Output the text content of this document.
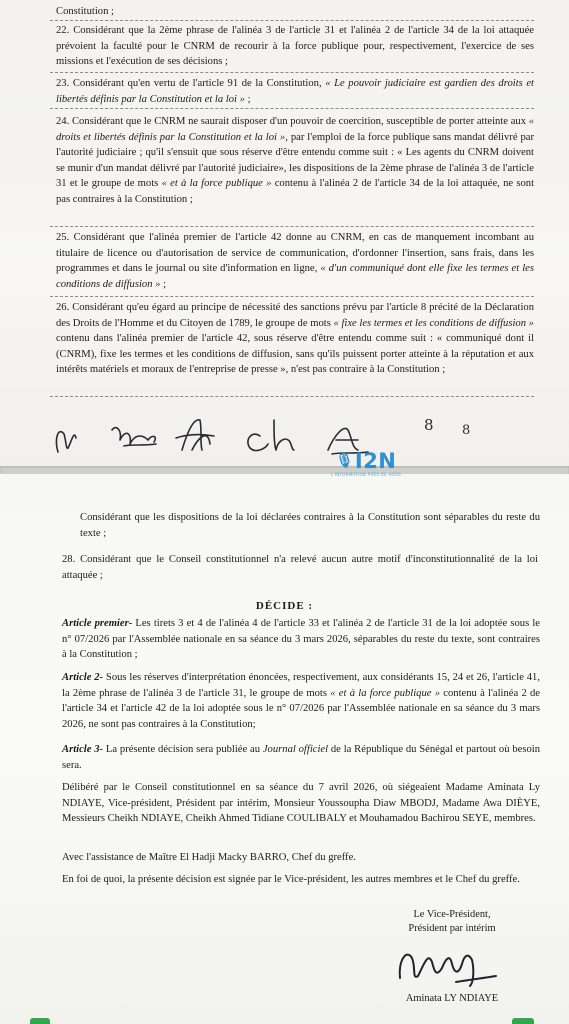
Constitution ;

22. Considérant que la 2ème phrase de l'alinéa 3 de l'article 31 et l'alinéa 2 de l'article 34 de la loi attaquée prévoient la faculté pour le CNRM de recourir à la force publique pour, respectivement, l'exercice de ses missions et l'exécution de ses décisions ;

23. Considérant qu'en vertu de l'article 91 de la Constitution, « Le pouvoir judiciaire est gardien des droits et libertés définis par la Constitution et la loi » ;

24. Considérant que le CNRM ne saurait disposer d'un pouvoir de coercition, susceptible de porter atteinte aux « droits et libertés définis par la Constitution et la loi », par l'emploi de la force publique sans mandat délivré par l'autorité judiciaire ; qu'il s'ensuit que sous réserve d'être entendu comme suit : « Les agents du CNRM doivent se munir d'un mandat délivré par l'autorité judiciaire», les dispositions de la 2ème phrase de l'alinéa 3 de l'article 31 et le groupe de mots « et à la force publique » contenu à l'alinéa 2 de l'article 34 de la loi attaquée, ne sont pas contraires à la Constitution ;

25. Considérant que l'alinéa premier de l'article 42 donne au CNRM, en cas de manquement incombant au titulaire de licence ou d'autorisation de service de communication, d'ordonner l'insertion, sans frais, dans les programmes et dans le journal ou site d'information en ligne, « d'un communiqué dont elle fixe les termes et les conditions de diffusion » ;

26. Considérant qu'eu égard au principe de nécessité des sanctions prévu par l'article 8 précité de la Déclaration des Droits de l'Homme et du Citoyen de 1789, le groupe de mots « fixe les termes et les conditions de diffusion » contenu dans l'alinéa premier de l'article 42, sous réserve d'être entendu comme suit : « communiqué dont il (CNRM), fixe les termes et les conditions de diffusion, sans qu'ils puissent porter atteinte à la réputation et aux intérêts matériels et moraux de l'entreprise de presse », n'est pas contraire à la Constitution ;

8 8
🎙I2N
L'INFORMATION PRÈS DE VOUS

Considérant que les dispositions de la loi déclarées contraires à la Constitution sont séparables du reste du texte ;

28. Considérant que le Conseil constitutionnel n'a relevé aucun autre motif d'inconstitutionnalité de la loi attaquée ;

DÉCIDE :

Article premier- Les tirets 3 et 4 de l'alinéa 4 de l'article 33 et l'alinéa 2 de l'article 31 de la loi adoptée sous le n° 07/2026 par l'Assemblée nationale en sa séance du 3 mars 2026, séparables du reste du texte, sont contraires à la Constitution ;

Article 2- Sous les réserves d'interprétation énoncées, respectivement, aux considérants 15, 24 et 26, l'article 41, la 2ème phrase de l'alinéa 3 de l'article 31, le groupe de mots « et à la force publique » contenu à l'alinéa 2 de l'article 34 et l'article 42 de la loi adoptée sous le n° 07/2026 par l'Assemblée nationale en sa séance du 3 mars 2026, ne sont pas contraires à la Constitution;

Article 3- La présente décision sera publiée au Journal officiel de la République du Sénégal et partout où besoin sera.

Délibéré par le Conseil constitutionnel en sa séance du 7 avril 2026, où siégeaient Madame Aminata Ly NDIAYE, Vice-président, Président par intérim, Monsieur Youssoupha Diaw MBODJ, Madame Awa DIÈYE, Messieurs Cheikh NDIAYE, Cheikh Ahmed Tidiane COULIBALY et Mouhamadou Bachirou SEYE, membres.

Avec l'assistance de Maître El Hadji Macky BARRO, Chef du greffe.

En foi de quoi, la présente décision est signée par le Vice-président, les autres membres et le Chef du greffe.

Le Vice-Président,
Président par intérim
Aminata LY NDIAYE
